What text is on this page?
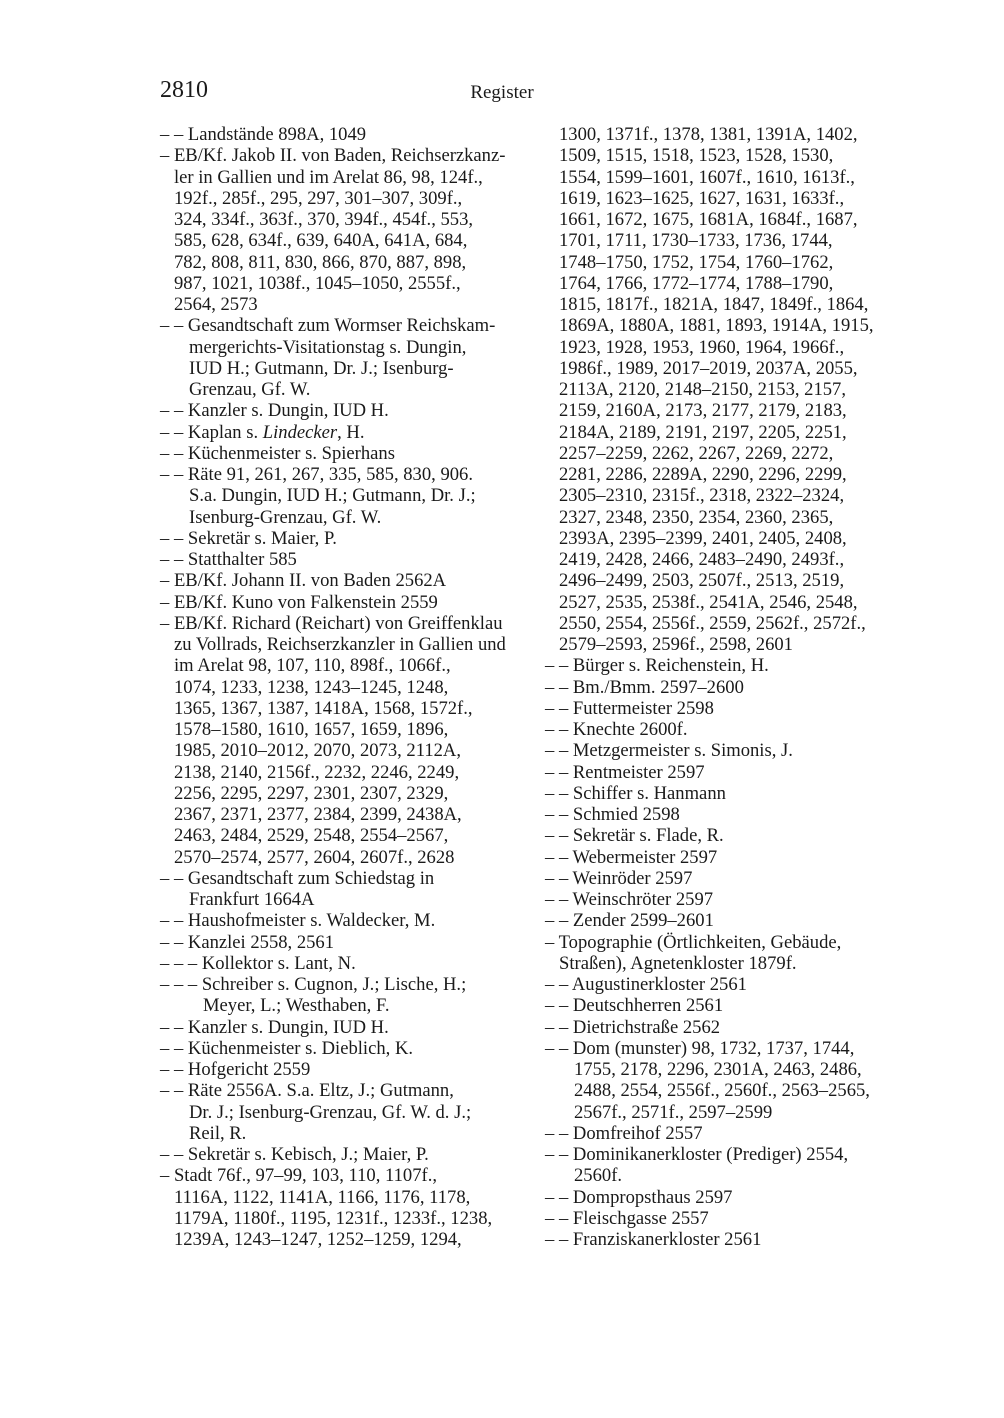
2810	Register
– – Landstände 898A, 1049
– EB/Kf. Jakob II. von Baden, Reichserzkanz-
ler in Gallien und im Arelat 86, 98, 124f.,
192f., 285f., 295, 297, 301–307, 309f.,
324, 334f., 363f., 370, 394f., 454f., 553,
585, 628, 634f., 639, 640A, 641A, 684,
782, 808, 811, 830, 866, 870, 887, 898,
987, 1021, 1038f., 1045–1050, 2555f.,
2564, 2573
– – Gesandtschaft zum Wormser Reichskam-
mergerichts-Visitationstag s. Dungin,
IUD H.; Gutmann, Dr. J.; Isenburg-
Grenzau, Gf. W.
– – Kanzler s. Dungin, IUD H.
– – Kaplan s. Lindecker, H.
– – Küchenmeister s. Spierhans
– – Räte 91, 261, 267, 335, 585, 830, 906.
S.a. Dungin, IUD H.; Gutmann, Dr. J.;
Isenburg-Grenzau, Gf. W.
– – Sekretär s. Maier, P.
– – Statthalter 585
– EB/Kf. Johann II. von Baden 2562A
– EB/Kf. Kuno von Falkenstein 2559
– EB/Kf. Richard (Reichart) von Greiffenklau
zu Vollrads, Reichserzkanzler in Gallien und
im Arelat 98, 107, 110, 898f., 1066f.,
1074, 1233, 1238, 1243–1245, 1248,
1365, 1367, 1387, 1418A, 1568, 1572f.,
1578–1580, 1610, 1657, 1659, 1896,
1985, 2010–2012, 2070, 2073, 2112A,
2138, 2140, 2156f., 2232, 2246, 2249,
2256, 2295, 2297, 2301, 2307, 2329,
2367, 2371, 2377, 2384, 2399, 2438A,
2463, 2484, 2529, 2548, 2554–2567,
2570–2574, 2577, 2604, 2607f., 2628
– – Gesandtschaft zum Schiedstag in
Frankfurt 1664A
– – Haushofmeister s. Waldecker, M.
– – Kanzlei 2558, 2561
– – – Kollektor s. Lant, N.
– – – Schreiber s. Cugnon, J.; Lische, H.;
Meyer, L.; Westhaben, F.
– – Kanzler s. Dungin, IUD H.
– – Küchenmeister s. Dieblich, K.
– – Hofgericht 2559
– – Räte 2556A. S.a. Eltz, J.; Gutmann,
Dr. J.; Isenburg-Grenzau, Gf. W. d. J.;
Reil, R.
– – Sekretär s. Kebisch, J.; Maier, P.
– Stadt 76f., 97–99, 103, 110, 1107f.,
1116A, 1122, 1141A, 1166, 1176, 1178,
1179A, 1180f., 1195, 1231f., 1233f., 1238,
1239A, 1243–1247, 1252–1259, 1294,
1300, 1371f., 1378, 1381, 1391A, 1402,
1509, 1515, 1518, 1523, 1528, 1530,
1554, 1599–1601, 1607f., 1610, 1613f.,
1619, 1623–1625, 1627, 1631, 1633f.,
1661, 1672, 1675, 1681A, 1684f., 1687,
1701, 1711, 1730–1733, 1736, 1744,
1748–1750, 1752, 1754, 1760–1762,
1764, 1766, 1772–1774, 1788–1790,
1815, 1817f., 1821A, 1847, 1849f., 1864,
1869A, 1880A, 1881, 1893, 1914A, 1915,
1923, 1928, 1953, 1960, 1964, 1966f.,
1986f., 1989, 2017–2019, 2037A, 2055,
2113A, 2120, 2148–2150, 2153, 2157,
2159, 2160A, 2173, 2177, 2179, 2183,
2184A, 2189, 2191, 2197, 2205, 2251,
2257–2259, 2262, 2267, 2269, 2272,
2281, 2286, 2289A, 2290, 2296, 2299,
2305–2310, 2315f., 2318, 2322–2324,
2327, 2348, 2350, 2354, 2360, 2365,
2393A, 2395–2399, 2401, 2405, 2408,
2419, 2428, 2466, 2483–2490, 2493f.,
2496–2499, 2503, 2507f., 2513, 2519,
2527, 2535, 2538f., 2541A, 2546, 2548,
2550, 2554, 2556f., 2559, 2562f., 2572f.,
2579–2593, 2596f., 2598, 2601
– – Bürger s. Reichenstein, H.
– – Bm./Bmm. 2597–2600
– – Futtermeister 2598
– – Knechte 2600f.
– – Metzgermeister s. Simonis, J.
– – Rentmeister 2597
– – Schiffer s. Hanmann
– – Schmied 2598
– – Sekretär s. Flade, R.
– – Webermeister 2597
– – Weinröder 2597
– – Weinschröter 2597
– – Zender 2599–2601
– Topographie (Örtlichkeiten, Gebäude,
Straßen), Agnetenkloster 1879f.
– – Augustinerkloster 2561
– – Deutschherren 2561
– – Dietrichstraße 2562
– – Dom (munster) 98, 1732, 1737, 1744,
1755, 2178, 2296, 2301A, 2463, 2486,
2488, 2554, 2556f., 2560f., 2563–2565,
2567f., 2571f., 2597–2599
– – Domfreihof 2557
– – Dominikanerkloster (Prediger) 2554,
2560f.
– – Dompropsthaus 2597
– – Fleischgasse 2557
– – Franziskanerkloster 2561
